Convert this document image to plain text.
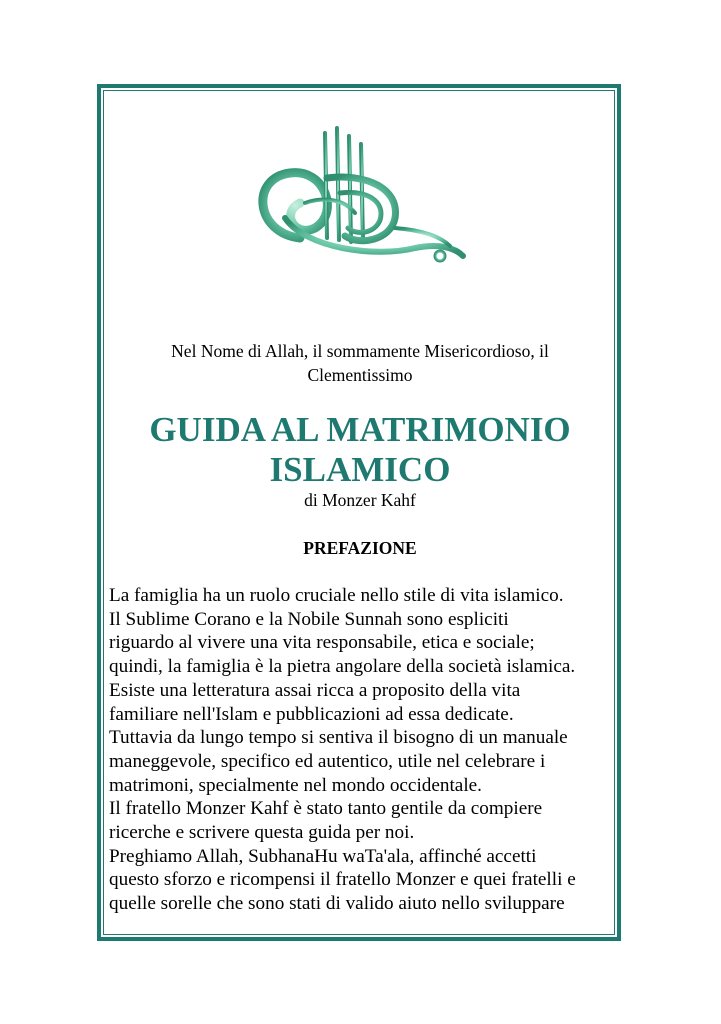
Nel Nome di Allah, il sommamente Misericordioso, il
Clementissimo
GUIDA AL MATRIMONIO
ISLAMICO
di Monzer Kahf
PREFAZIONE
La famiglia ha un ruolo cruciale nello stile di vita islamico.
Il Sublime Corano e la Nobile Sunnah sono espliciti
riguardo al vivere una vita responsabile, etica e sociale;
quindi, la famiglia è la pietra angolare della società islamica.
Esiste una letteratura assai ricca a proposito della vita
familiare nell'Islam e pubblicazioni ad essa dedicate.
Tuttavia da lungo tempo si sentiva il bisogno di un manuale
maneggevole, specifico ed autentico, utile nel celebrare i
matrimoni, specialmente nel mondo occidentale.
Il fratello Monzer Kahf è stato tanto gentile da compiere
ricerche e scrivere questa guida per noi.
Preghiamo Allah, SubhanaHu waTa'ala, affinché accetti
questo sforzo e ricompensi il fratello Monzer e quei fratelli e
quelle sorelle che sono stati di valido aiuto nello sviluppare
